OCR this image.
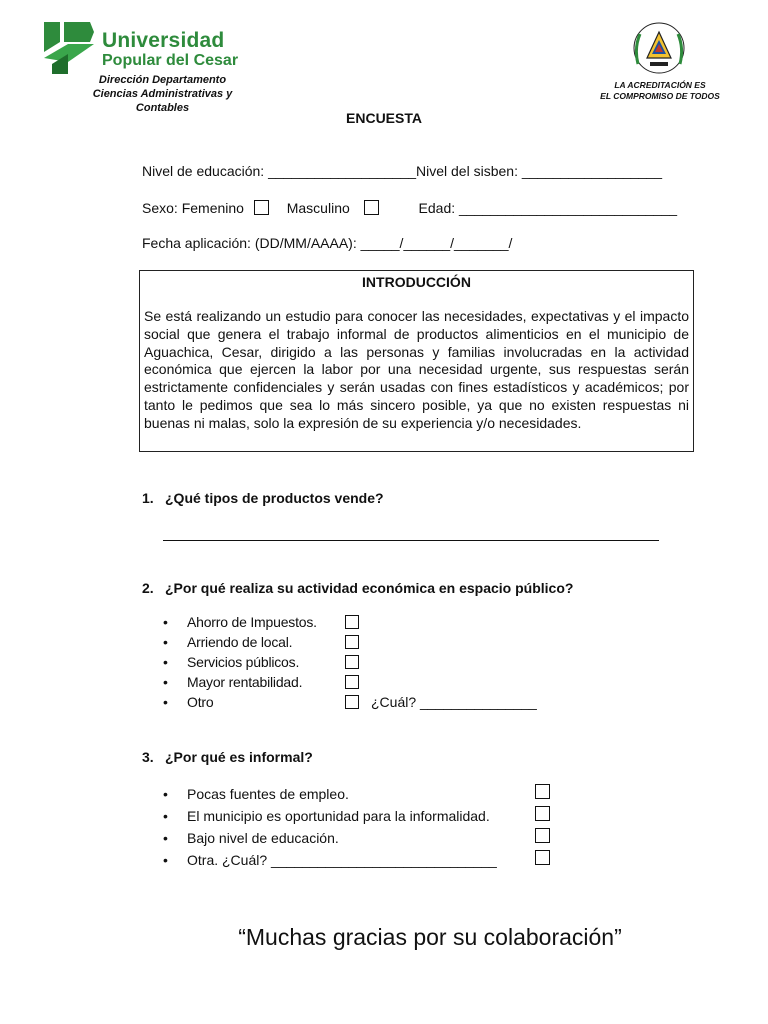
Universidad
Popular del Cesar
Dirección Departamento
Ciencias Administrativas y
Contables
LA ACREDITACIÓN ES
EL COMPROMISO DE TODOS
ENCUESTA
Nivel de educación: ___________________Nivel del sisben: __________________
Sexo: Femenino	Masculino	Edad: ____________________________
Fecha aplicación: (DD/MM/AAAA): _____/______/_______/
INTRODUCCIÓN
Se está realizando un estudio para conocer las necesidades, expectativas y el impacto social que genera el trabajo informal de productos alimenticios en el municipio de Aguachica, Cesar, dirigido a las personas y familias involucradas en la actividad económica que ejercen la labor por una necesidad urgente, sus respuestas serán estrictamente confidenciales y serán usadas con fines estadísticos y académicos; por tanto le pedimos que sea lo más sincero posible, ya que no existen respuestas ni buenas ni malas, solo la expresión de su experiencia y/o necesidades.
1. ¿Qué tipos de productos vende?
2. ¿Por qué realiza su actividad económica en espacio público?
• Ahorro de Impuestos.
• Arriendo de local.
• Servicios públicos.
• Mayor rentabilidad.
• Otro	¿Cuál? _______________
3. ¿Por qué es informal?
• Pocas fuentes de empleo.
• El municipio es oportunidad para la informalidad.
• Bajo nivel de educación.
• Otra. ¿Cuál? _____________________________
“Muchas gracias por su colaboración”
